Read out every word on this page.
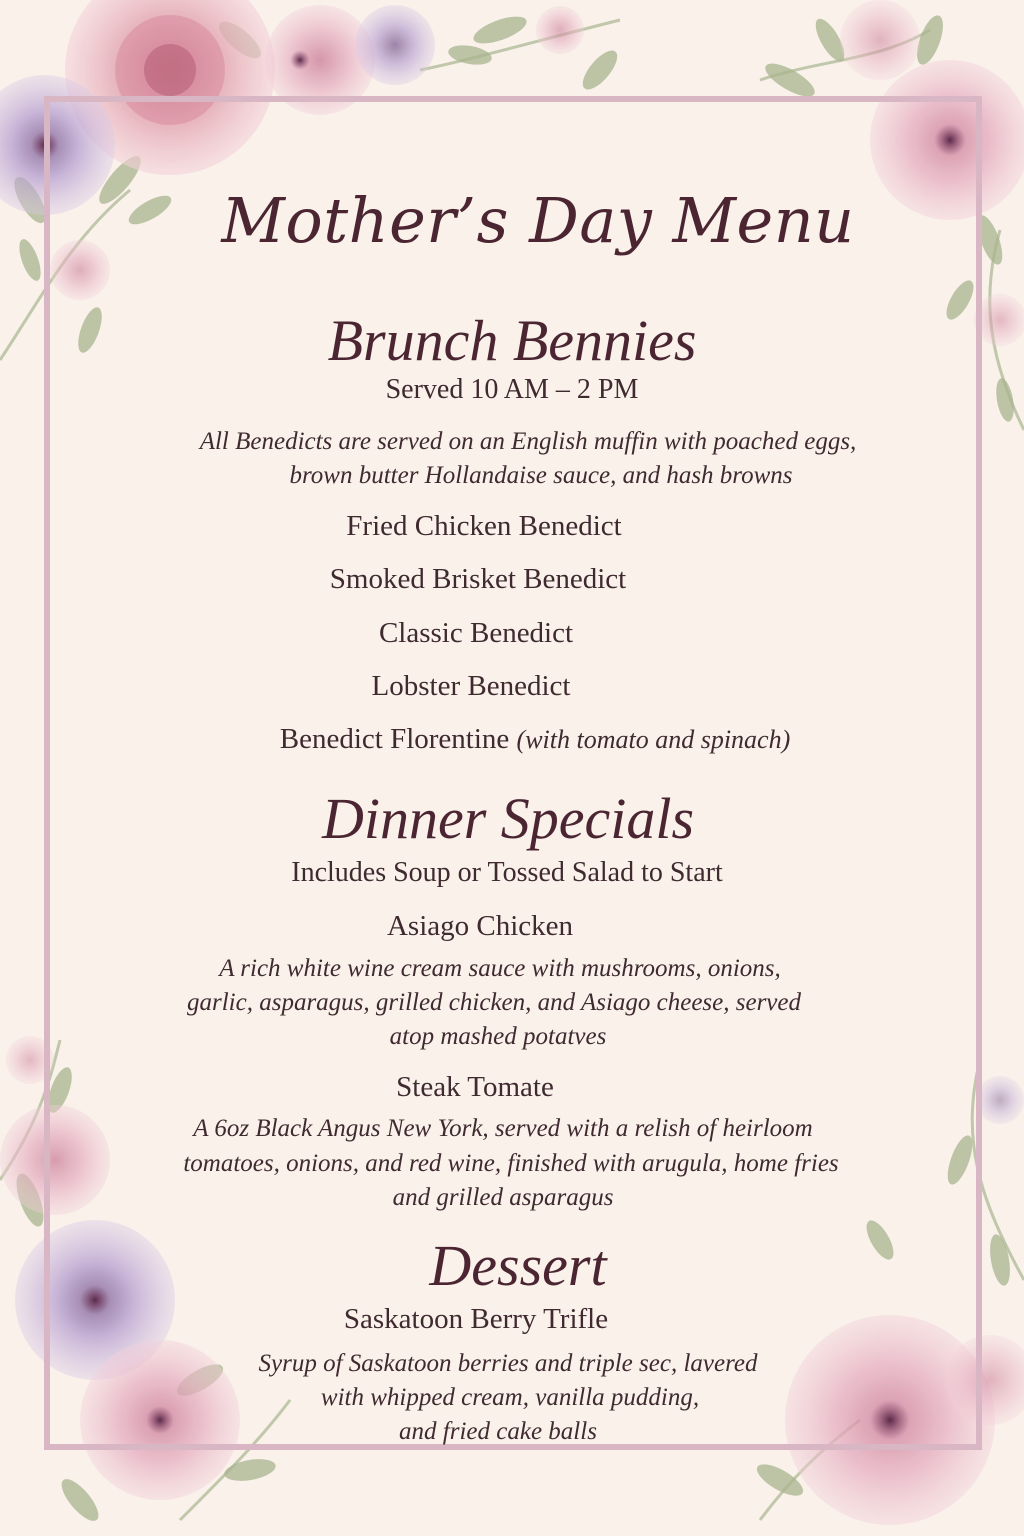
Mother’s Day Menu
Brunch Bennies
Served 10 AM – 2 PM
All Benedicts are served on an English muffin with poached eggs,
brown butter Hollandaise sauce, and hash browns
Fried Chicken Benedict
Smoked Brisket Benedict
Classic Benedict
Lobster Benedict
Benedict Florentine (with tomato and spinach)
Dinner Specials
Includes Soup or Tossed Salad to Start
Asiago Chicken
A rich white wine cream sauce with mushrooms, onions,
garlic, asparagus, grilled chicken, and Asiago cheese, served
atop mashed potatves
Steak Tomate
A 6oz Black Angus New York, served with a relish of heirloom
tomatoes, onions, and red wine, finished with arugula, home fries
and grilled asparagus
Dessert
Saskatoon Berry Trifle
Syrup of Saskatoon berries and triple sec, lavered
with whipped cream, vanilla pudding,
and fried cake balls
